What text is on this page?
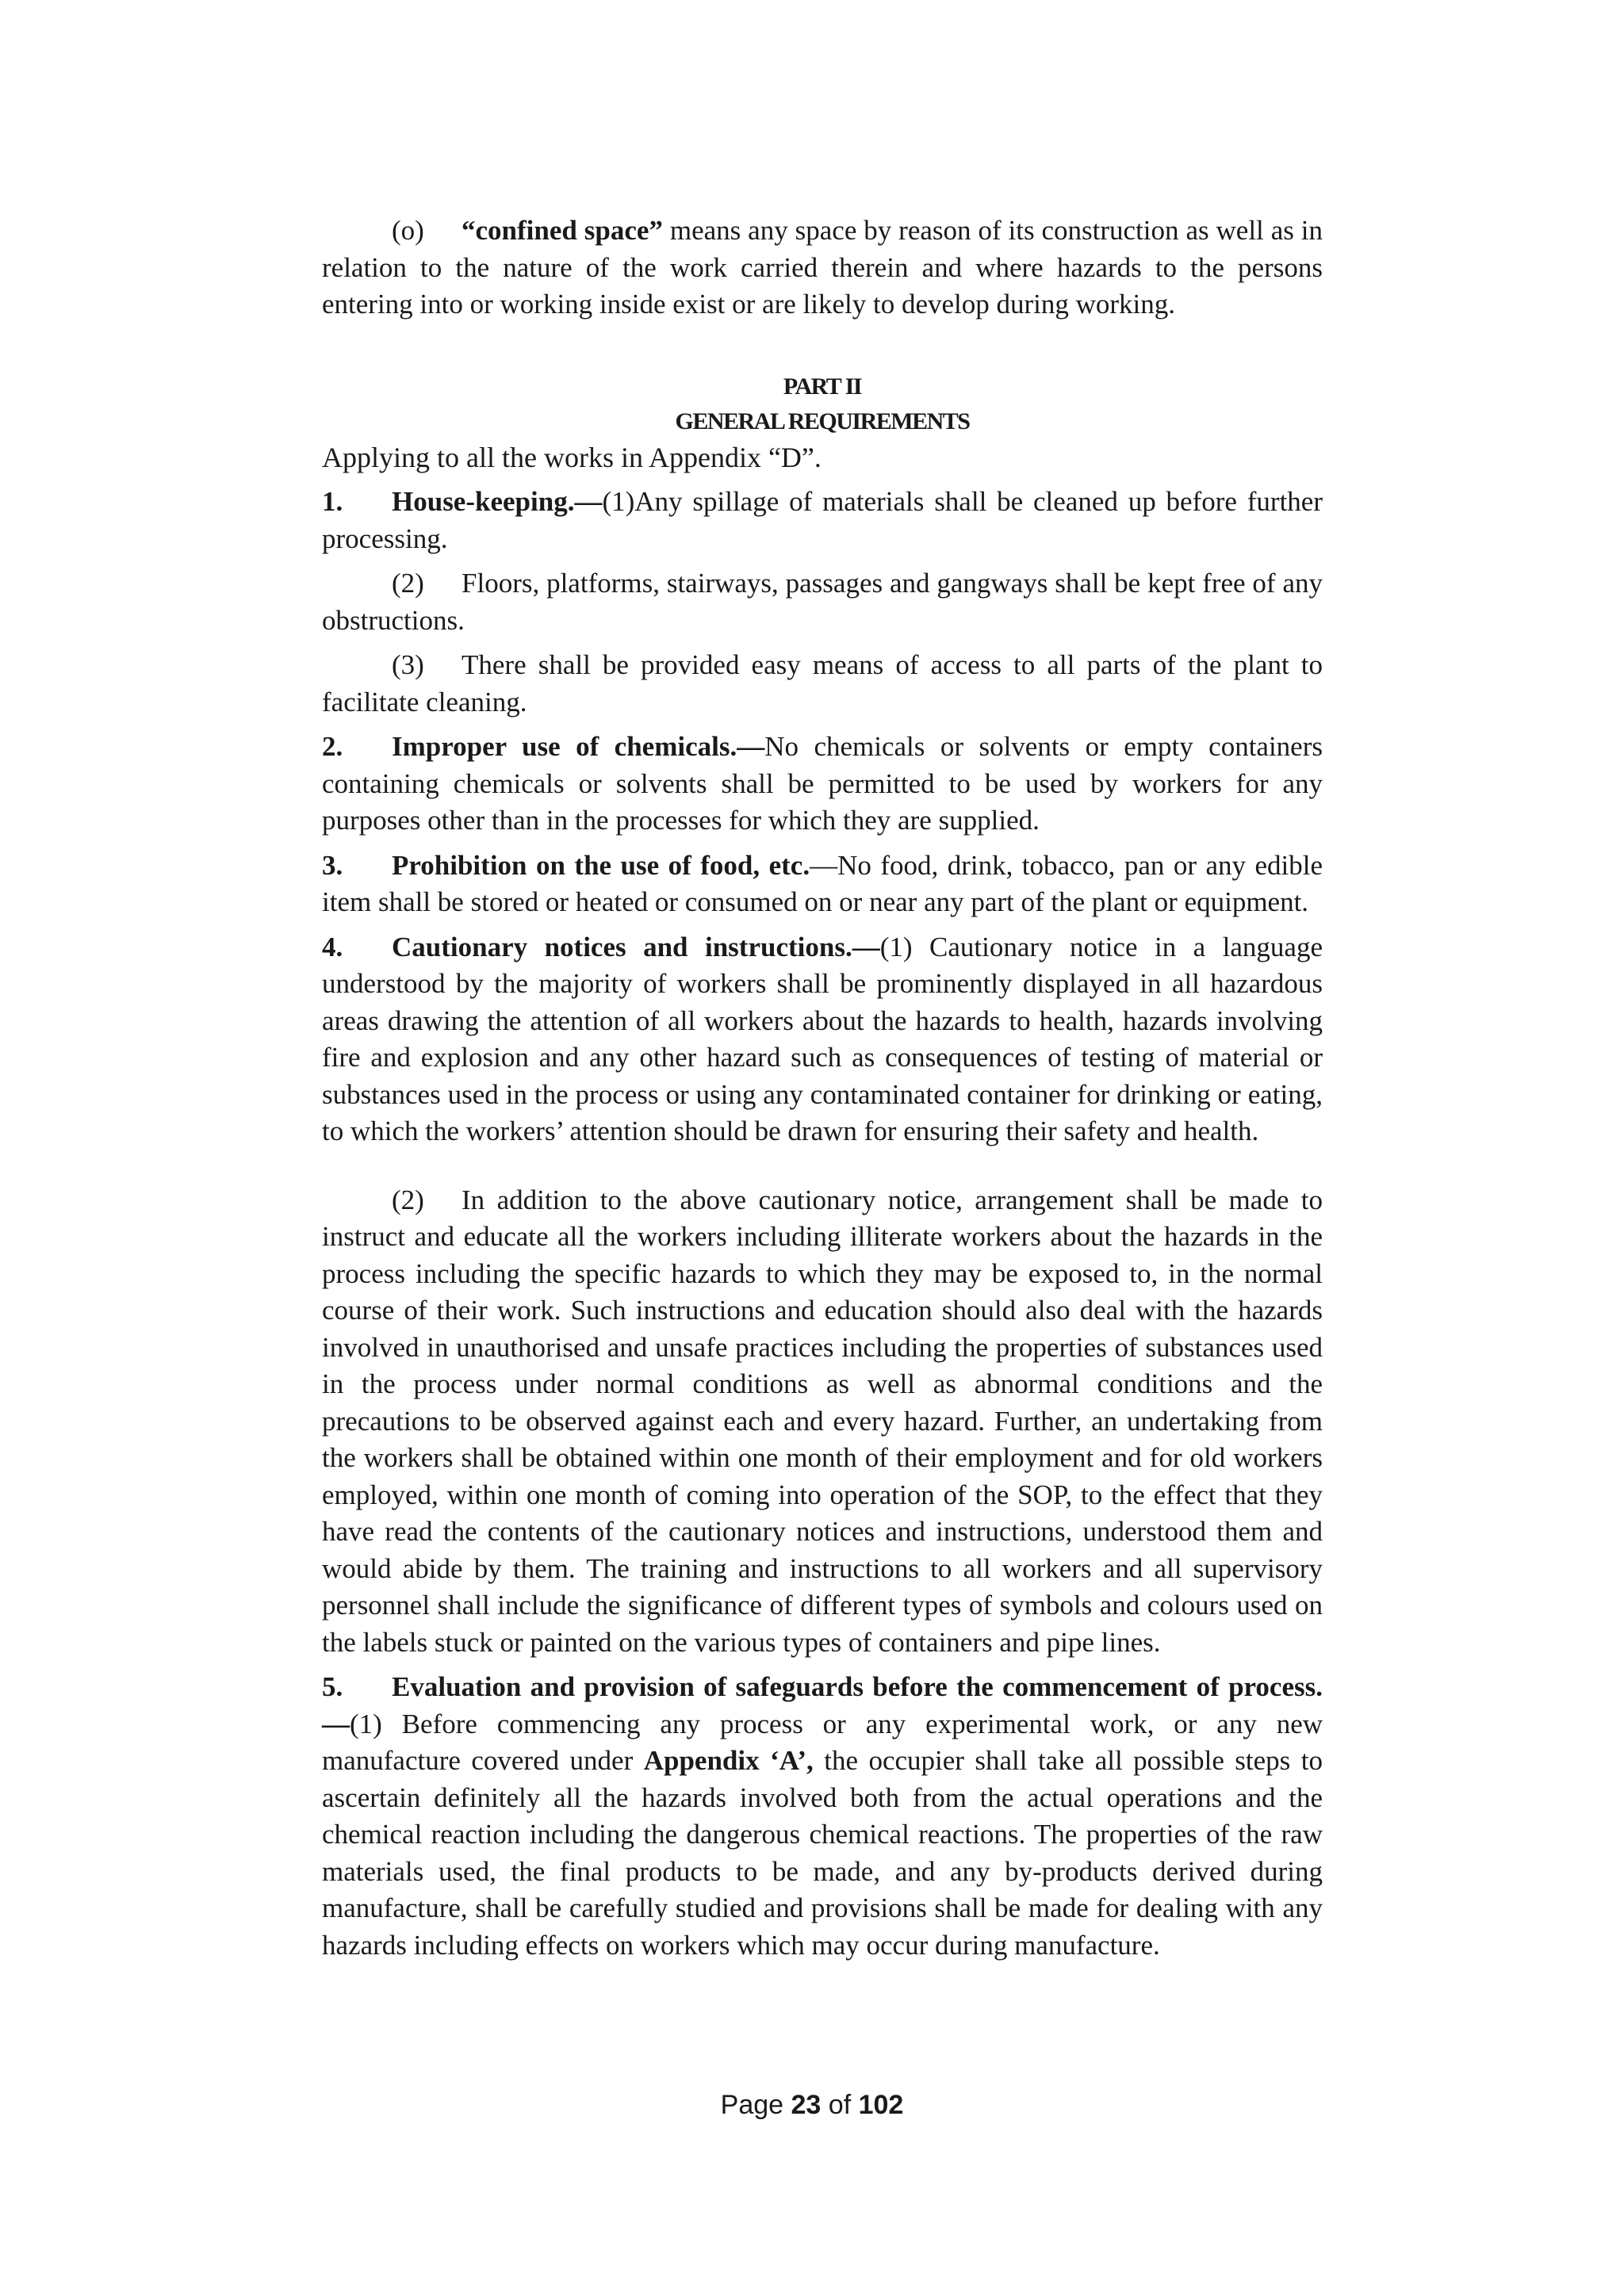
(o) “confined space” means any space by reason of its construction as well as in relation to the nature of the work carried therein and where hazards to the persons entering into or working inside exist or are likely to develop during working.

PART II

GENERAL REQUIREMENTS

Applying to all the works in Appendix “D”.

1. House-keeping.—(1)Any spillage of materials shall be cleaned up before further processing.

(2) Floors, platforms, stairways, passages and gangways shall be kept free of any obstructions.

(3) There shall be provided easy means of access to all parts of the plant to facilitate cleaning.

2. Improper use of chemicals.—No chemicals or solvents or empty containers containing chemicals or solvents shall be permitted to be used by workers for any purposes other than in the processes for which they are supplied.

3. Prohibition on the use of food, etc.—No food, drink, tobacco, pan or any edible item shall be stored or heated or consumed on or near any part of the plant or equipment.

4. Cautionary notices and instructions.—(1) Cautionary notice in a language understood by the majority of workers shall be prominently displayed in all hazardous areas drawing the attention of all workers about the hazards to health, hazards involving fire and explosion and any other hazard such as consequences of testing of material or substances used in the process or using any contaminated container for drinking or eating, to which the workers’ attention should be drawn for ensuring their safety and health.

(2) In addition to the above cautionary notice, arrangement shall be made to instruct and educate all the workers including illiterate workers about the hazards in the process including the specific hazards to which they may be exposed to, in the normal course of their work. Such instructions and education should also deal with the hazards involved in unauthorised and unsafe practices including the properties of substances used in the process under normal conditions as well as abnormal conditions and the precautions to be observed against each and every hazard. Further, an undertaking from the workers shall be obtained within one month of their employment and for old workers employed, within one month of coming into operation of the SOP, to the effect that they have read the contents of the cautionary notices and instructions, understood them and would abide by them. The training and instructions to all workers and all supervisory personnel shall include the significance of different types of symbols and colours used on the labels stuck or painted on the various types of containers and pipe lines.

5. Evaluation and provision of safeguards before the commencement of process.—(1) Before commencing any process or any experimental work, or any new manufacture covered under Appendix ‘A’, the occupier shall take all possible steps to ascertain definitely all the hazards involved both from the actual operations and the chemical reaction including the dangerous chemical reactions. The properties of the raw materials used, the final products to be made, and any by-products derived during manufacture, shall be carefully studied and provisions shall be made for dealing with any hazards including effects on workers which may occur during manufacture.

Page 23 of 102
